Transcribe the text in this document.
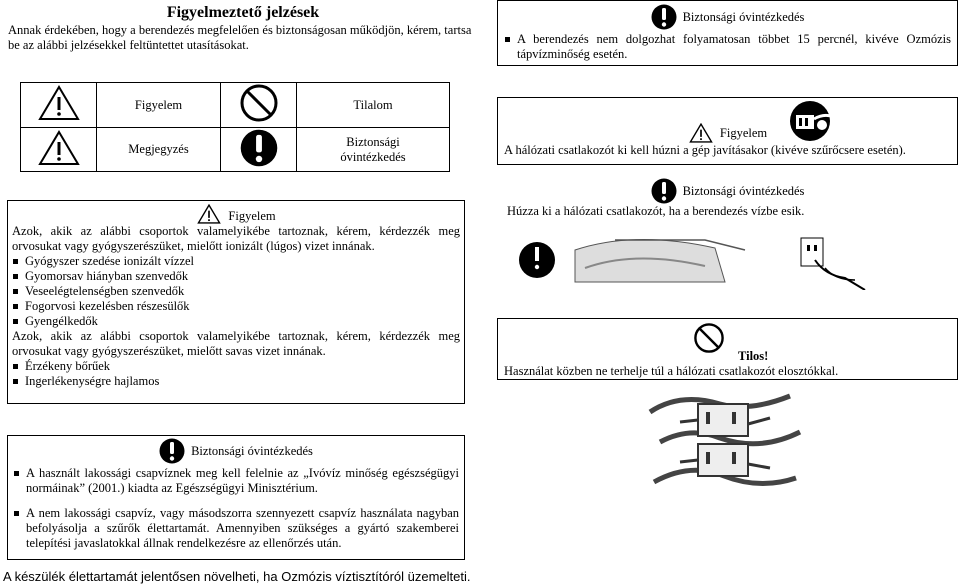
Figyelmeztető jelzések
Annak érdekében, hogy a berendezés megfelelően és biztonságosan működjön, kérem, tartsa be az alábbi jelzésekkel feltüntettet utasításokat.
Biztonsági óvintézkedés
A berendezés nem dolgozhat folyamatosan többet 15 percnél, kivéve Ozmózis tápvízminőség esetén.
	Figyelem		Tilalom
	Megjegyzés		Biztonsági
óvintézkedés
Figyelem
A hálózati csatlakozót ki kell húzni a gép javításakor (kivéve szűrőcsere esetén).
Biztonsági óvintézkedés
Húzza ki a hálózati csatlakozót, ha a berendezés vízbe esik.
Figyelem
Azok, akik az alábbi csoportok valamelyikébe tartoznak, kérem, kérdezzék meg orvosukat vagy gyógyszerészüket, mielőtt ionizált (lúgos) vizet innának.
Gyógyszer szedése ionizált vízzel
Gyomorsav hiányban szenvedők
Veseelégtelenségben szenvedők
Fogorvosi kezelésben részesülők
Gyengélkedők
Azok, akik az alábbi csoportok valamelyikébe tartoznak, kérem, kérdezzék meg orvosukat vagy gyógyszerészüket, mielőtt savas vizet innának.
Érzékeny bőrűek
Ingerlékenységre hajlamos
Tilos!
Használat közben ne terhelje túl a hálózati csatlakozót elosztókkal.
Biztonsági óvintézkedés
A használt lakossági csapvíznek meg kell felelnie az „Ivóvíz minőség egészségügyi normáinak” (2001.) kiadta az Egészségügyi Minisztérium.
A nem lakossági csapvíz, vagy másodszorra szennyezett csapvíz használata nagyban befolyásolja a szűrők élettartamát. Amennyiben szükséges a gyártó szakemberei telepítési javaslatokkal állnak rendelkezésre az ellenőrzés után.
A készülék élettartamát jelentősen növelheti, ha Ozmózis víztisztítóról üzemelteti.
